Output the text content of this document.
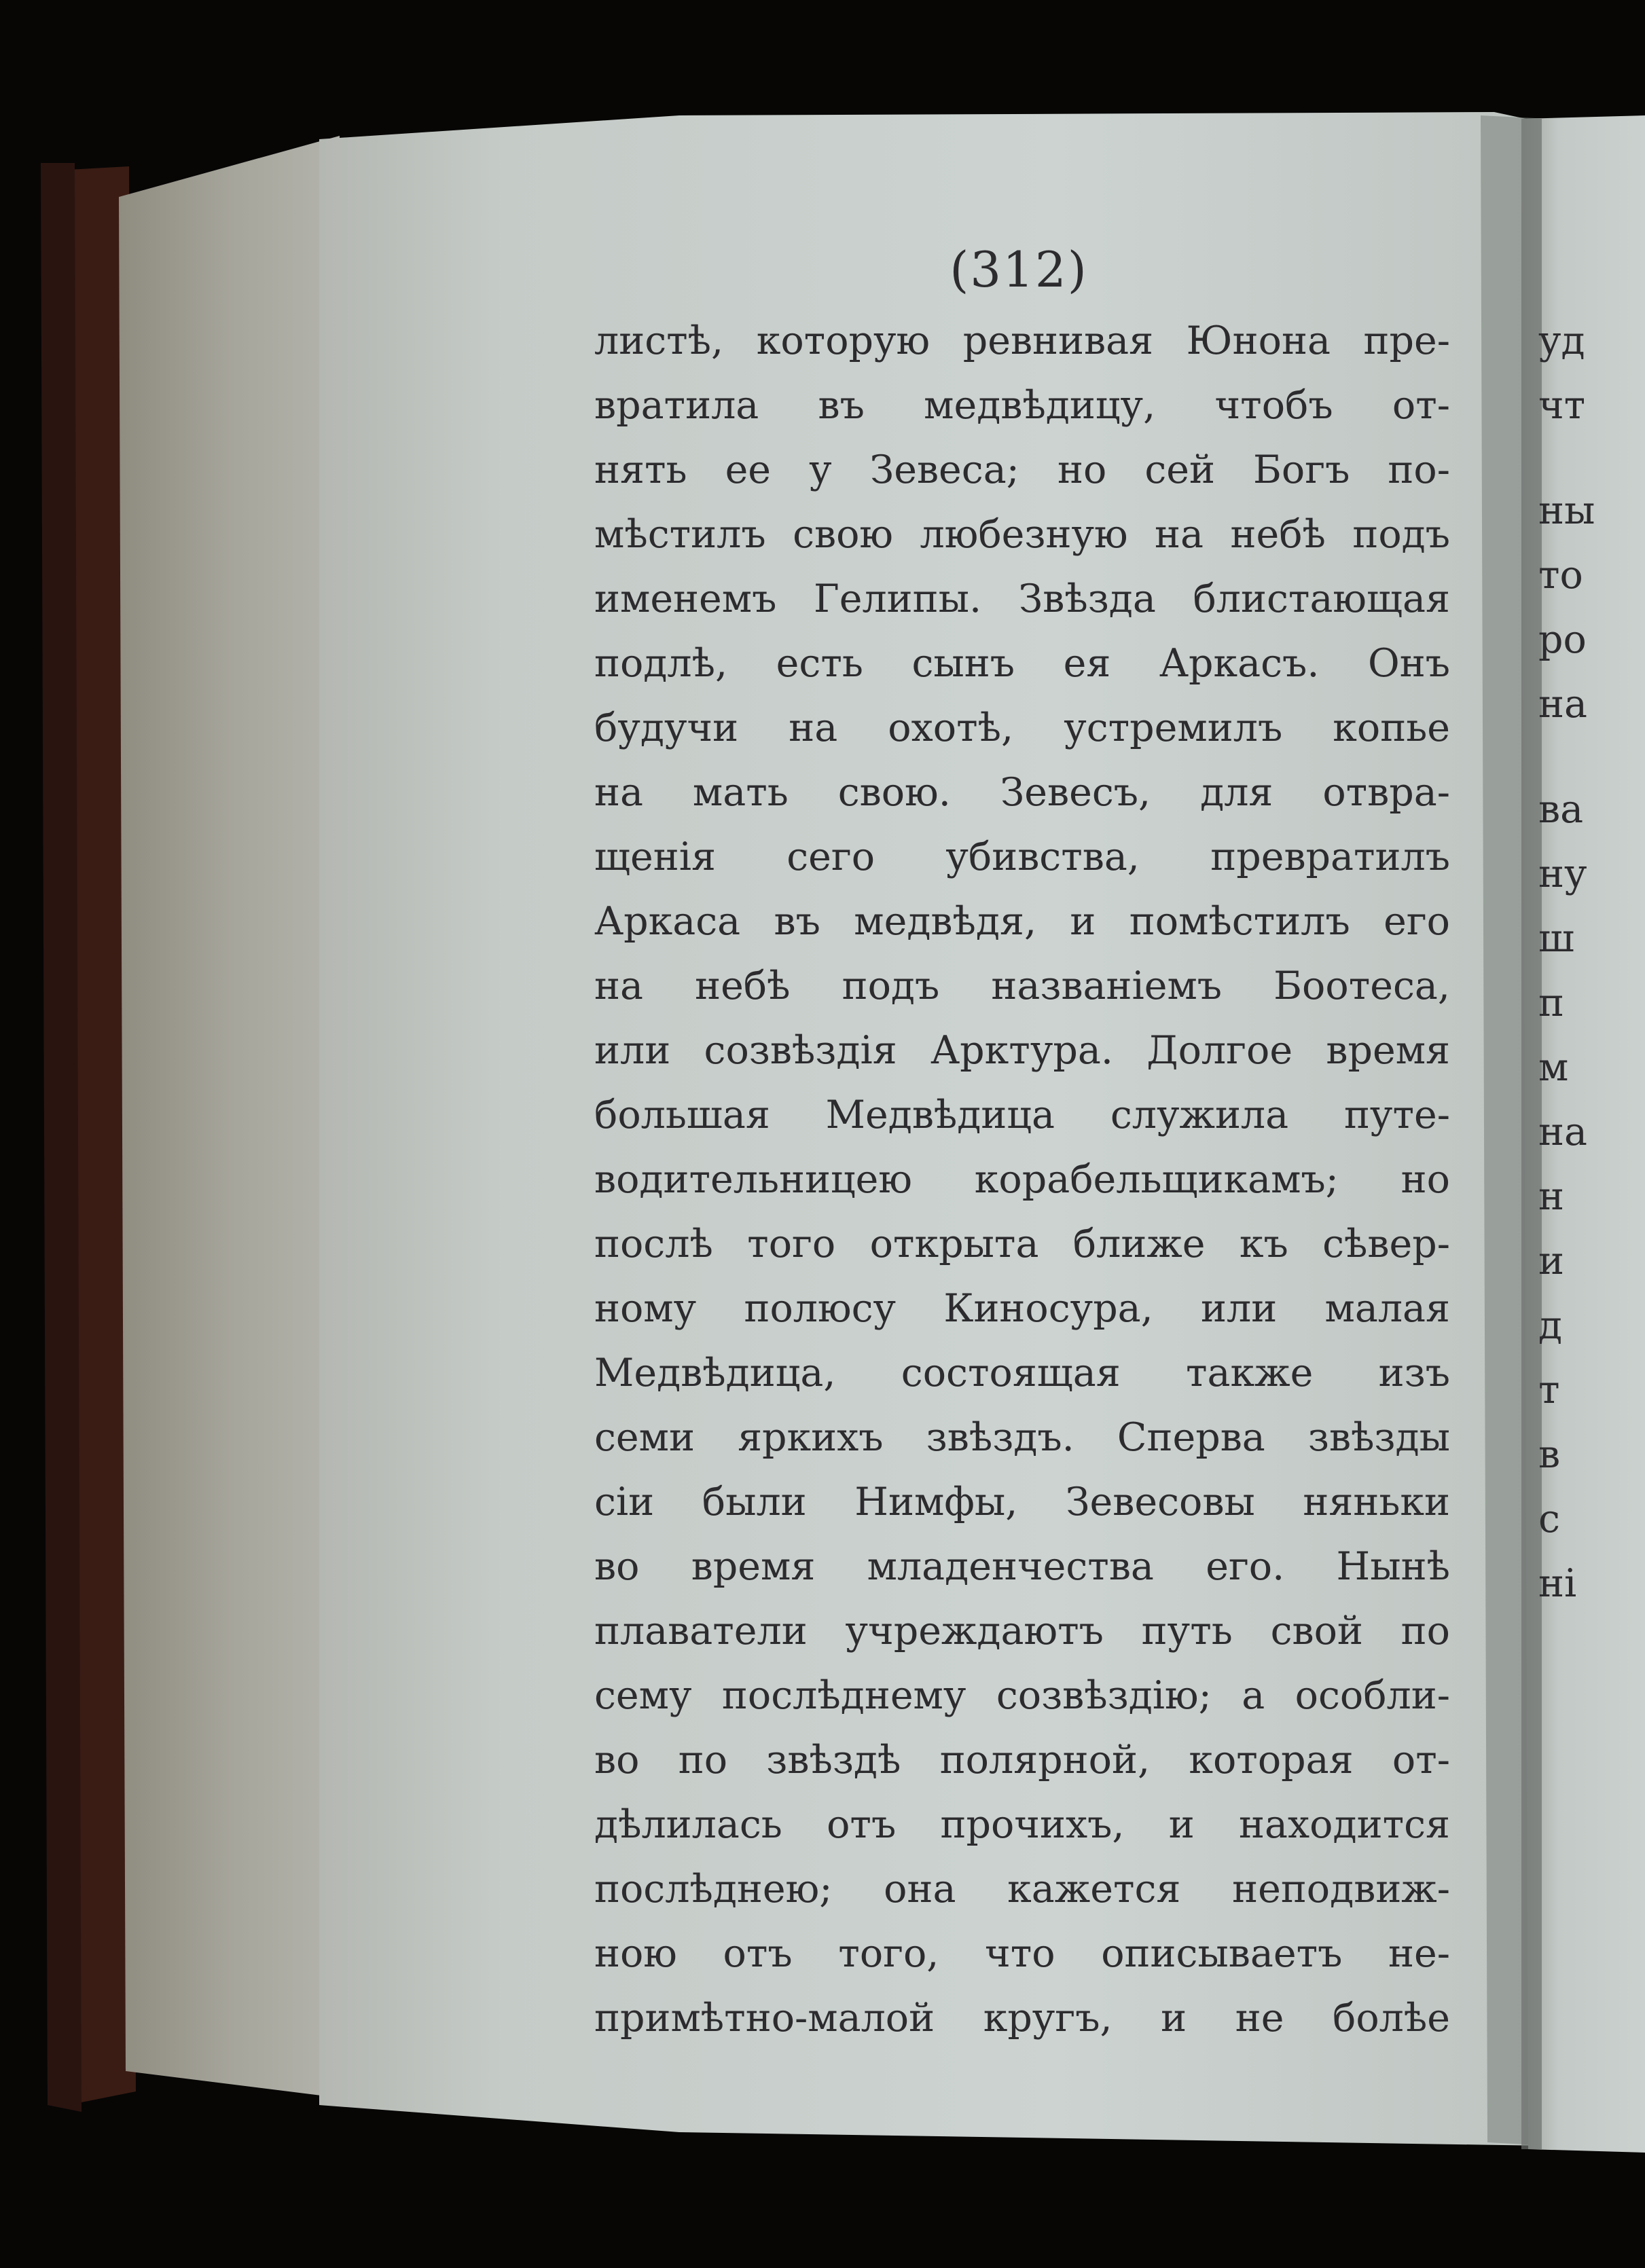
(312)
листѣ, которую ревнивая Юнона пре-
вратила въ медвѣдицу, чтобъ от-
нять ее у Зевеса; но сей Богъ по-
мѣстилъ свою любезную на небѣ подъ
именемъ Гелипы. Звѣзда блистающая
подлѣ, есть сынъ ея Аркасъ. Онъ
будучи на охотѣ, устремилъ копье
на мать свою. Зевесъ, для отвра-
щенія сего убивства, превратилъ
Аркаса въ медвѣдя, и помѣстилъ его
на небѣ подъ названіемъ Боотеса,
или созвѣздія Арктура. Долгое время
большая Медвѣдица служила путе-
водительницею корабельщикамъ; но
послѣ того открыта ближе къ сѣвер-
ному полюсу Киносура, или малая
Медвѣдица, состоящая также изъ
семи яркихъ звѣздъ. Сперва звѣзды
сіи были Нимфы, Зевесовы няньки
во время младенчества его. Нынѣ
плаватели учреждаютъ путь свой по
сему послѣднему созвѣздію; а особли-
во по звѣздѣ полярной, которая от-
дѣлилась отъ прочихъ, и находится
послѣднею; она кажется неподвиж-
ною отъ того, что описываетъ не-
примѣтно-малой кругъ, и не болѣе
уд
чт
ны
то
ро
на
ва
ну
ш
п
м
на
н
и
д
т
в
с
ні
